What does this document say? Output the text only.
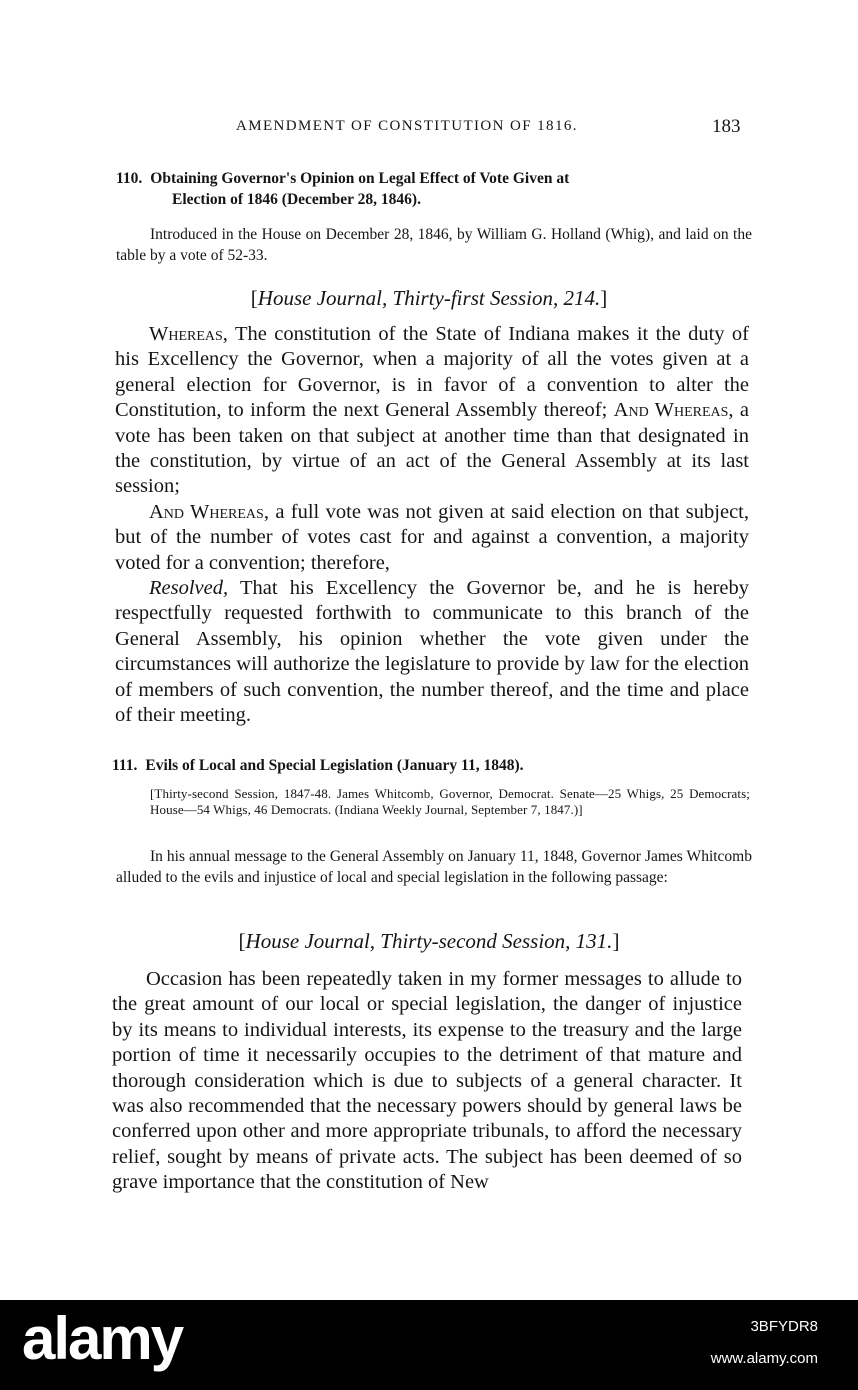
AMENDMENT OF CONSTITUTION OF 1816.	183
110. Obtaining Governor's Opinion on Legal Effect of Vote Given at
Election of 1846 (December 28, 1846).
Introduced in the House on December 28, 1846, by William G. Holland (Whig), and laid on the table by a vote of 52-33.
[House Journal, Thirty-first Session, 214.]

Whereas, The constitution of the State of Indiana makes it the duty of his Excellency the Governor, when a majority of all the votes given at a general election for Governor, is in favor of a convention to alter the Constitution, to inform the next General Assembly thereof; And Whereas, a vote has been taken on that subject at another time than that designated in the constitution, by virtue of an act of the General Assembly at its last session;

And Whereas, a full vote was not given at said election on that subject, but of the number of votes cast for and against a convention, a majority voted for a convention; therefore,

Resolved, That his Excellency the Governor be, and he is hereby respectfully requested forthwith to communicate to this branch of the General Assembly, his opinion whether the vote given under the circumstances will authorize the legislature to provide by law for the election of members of such convention, the number thereof, and the time and place of their meeting.

111. Evils of Local and Special Legislation (January 11, 1848).
[Thirty-second Session, 1847-48. James Whitcomb, Governor, Democrat. Senate—25 Whigs, 25 Democrats; House—54 Whigs, 46 Democrats. (Indiana Weekly Journal, September 7, 1847.)]
In his annual message to the General Assembly on January 11, 1848, Governor James Whitcomb alluded to the evils and injustice of local and special legislation in the following passage:
[House Journal, Thirty-second Session, 131.]

Occasion has been repeatedly taken in my former messages to allude to the great amount of our local or special legislation, the danger of injustice by its means to individual interests, its expense to the treasury and the large portion of time it necessarily occupies to the detriment of that mature and thorough consideration which is due to subjects of a general character. It was also recommended that the necessary powers should by general laws be conferred upon other and more appropriate tribunals, to afford the necessary relief, sought by means of private acts. The subject has been deemed of so grave importance that the constitution of New

alamy	3BFYDR8
www.alamy.com
